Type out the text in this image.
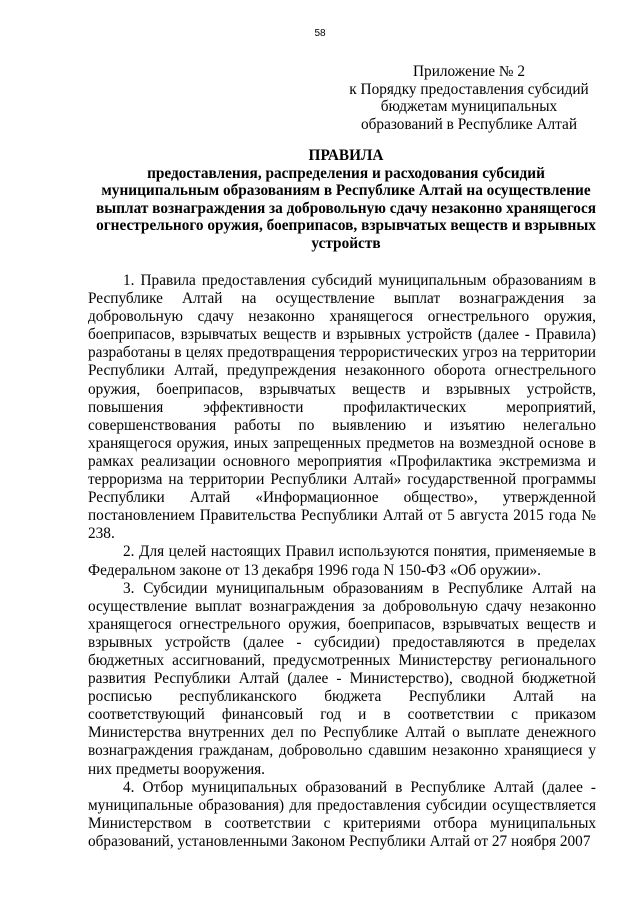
58
Приложение № 2
к Порядку предоставления субсидий
бюджетам муниципальных
образований в Республике Алтай
ПРАВИЛА
предоставления, распределения и расходования субсидий
муниципальным образованиям в Республике Алтай на осуществление
выплат вознаграждения за добровольную сдачу незаконно хранящегося
огнестрельного оружия, боеприпасов, взрывчатых веществ и взрывных
устройств

1. Правила предоставления субсидий муниципальным образованиям в Республике Алтай на осуществление выплат вознаграждения за добровольную сдачу незаконно хранящегося огнестрельного оружия, боеприпасов, взрывчатых веществ и взрывных устройств (далее - Правила) разработаны в целях предотвращения террористических угроз на территории Республики Алтай, предупреждения незаконного оборота огнестрельного оружия, боеприпасов, взрывчатых веществ и взрывных устройств, повышения эффективности профилактических мероприятий, совершенствования работы по выявлению и изъятию нелегально хранящегося оружия, иных запрещенных предметов на возмездной основе в рамках реализации основного мероприятия «Профилактика экстремизма и терроризма на территории Республики Алтай» государственной программы Республики Алтай «Информационное общество», утвержденной постановлением Правительства Республики Алтай от 5 августа 2015 года № 238.

2. Для целей настоящих Правил используются понятия, применяемые в Федеральном законе от 13 декабря 1996 года N 150-ФЗ «Об оружии».

3. Субсидии муниципальным образованиям в Республике Алтай на осуществление выплат вознаграждения за добровольную сдачу незаконно хранящегося огнестрельного оружия, боеприпасов, взрывчатых веществ и взрывных устройств (далее - субсидии) предоставляются в пределах бюджетных ассигнований, предусмотренных Министерству регионального развития Республики Алтай (далее - Министерство), сводной бюджетной росписью республиканского бюджета Республики Алтай на соответствующий финансовый год и в соответствии с приказом Министерства внутренних дел по Республике Алтай о выплате денежного вознаграждения гражданам, добровольно сдавшим незаконно хранящиеся у них предметы вооружения.

4. Отбор муниципальных образований в Республике Алтай (далее - муниципальные образования) для предоставления субсидии осуществляется Министерством в соответствии с критериями отбора муниципальных образований, установленными Законом Республики Алтай от 27 ноября 2007
